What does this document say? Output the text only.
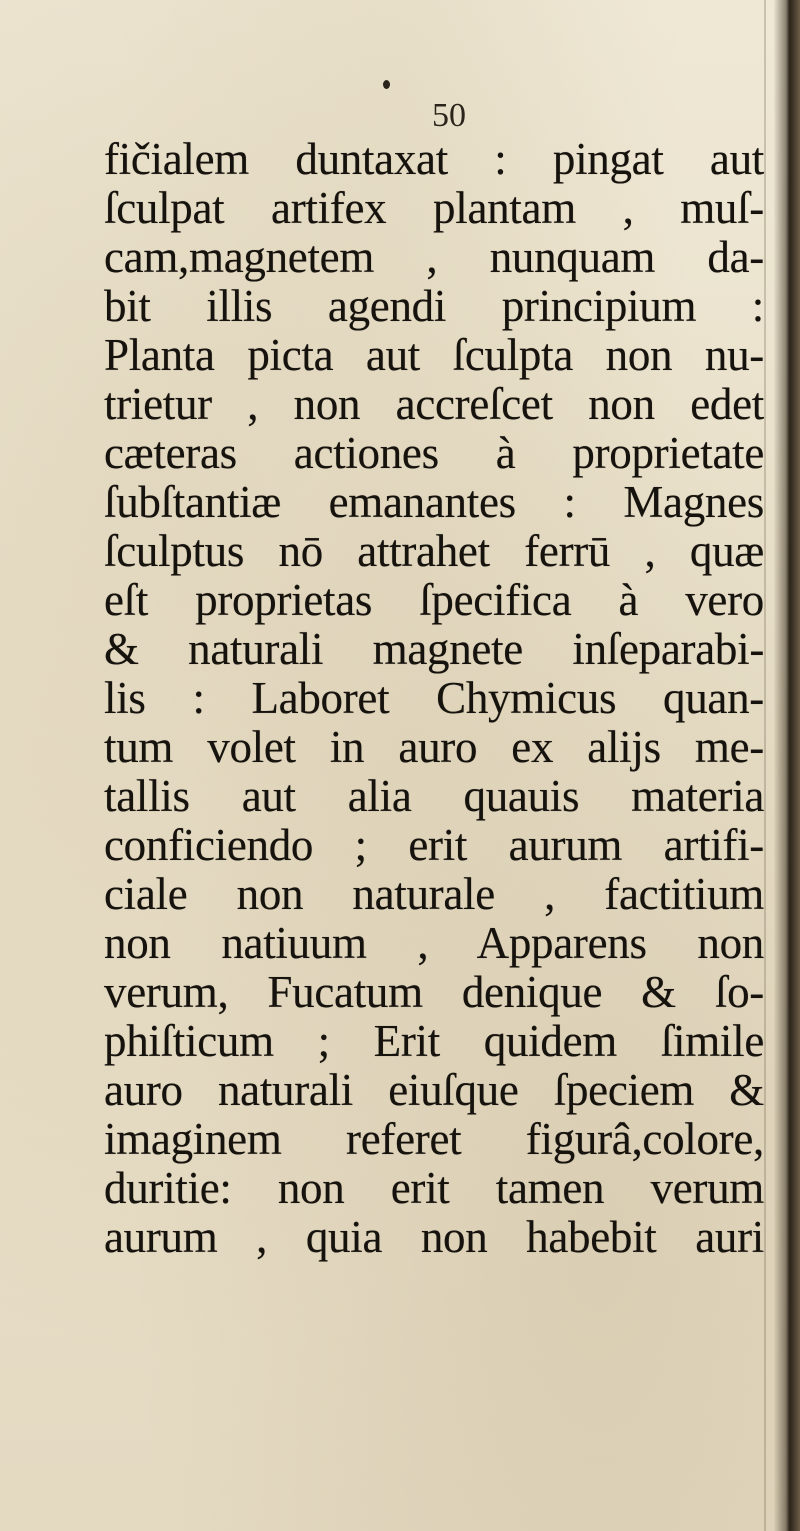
50
fičialem duntaxat : pingat aut
ſculpat artifex plantam , muſ-
cam,magnetem , nunquam da-
bit illis agendi principium :
Planta picta aut ſculpta non nu-
trietur , non accreſcet non edet
cæteras actiones à proprietate
ſubſtantiæ emanantes : Magnes
ſculptus nō attrahet ferrū , quæ
eſt proprietas ſpecifica à vero
& naturali magnete inſeparabi-
lis : Laboret Chymicus quan-
tum volet in auro ex alijs me-
tallis aut alia quauis materia
conficiendo ; erit aurum artifi-
ciale non naturale , factitium
non natiuum , Apparens non
verum, Fucatum denique & ſo-
phiſticum ; Erit quidem ſimile
auro naturali eiuſque ſpeciem &
imaginem referet figurâ,colore,
duritie: non erit tamen verum
aurum , quia non habebit auri
